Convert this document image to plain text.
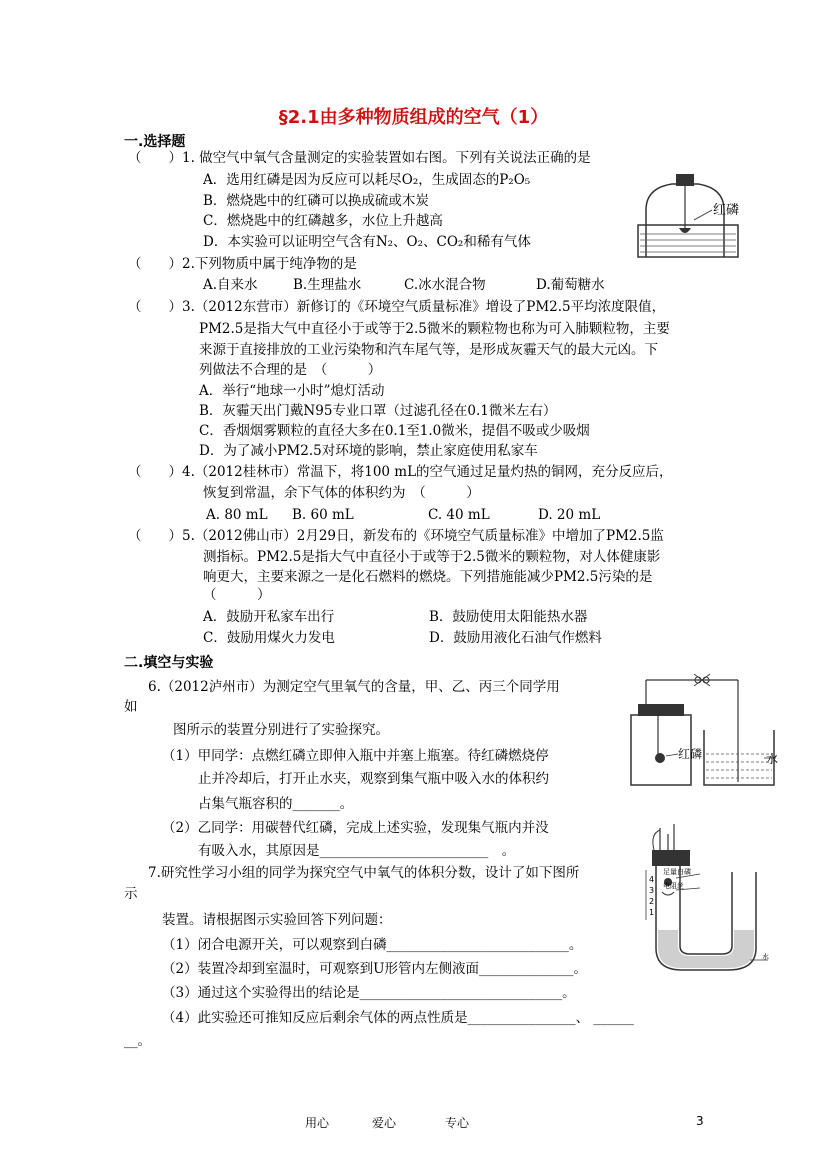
§2.1由多种物质组成的空气（1）
一.选择题
（　　）1. 做空气中氧气含量测定的实验装置如右图。下列有关说法正确的是
A．选用红磷是因为反应可以耗尽O₂，生成固态的P₂O₅
B．燃烧匙中的红磷可以换成硫或木炭
C．燃烧匙中的红磷越多，水位上升越高
D．本实验可以证明空气含有N₂、O₂、CO₂和稀有气体
红磷
（　　）2.下列物质中属于纯净物的是
A.自来水	B.生理盐水	C.冰水混合物	D.葡萄糖水
（　　）3.（2012东营市）新修订的《环境空气质量标准》增设了PM2.5平均浓度限值，
PM2.5是指大气中直径小于或等于2.5微米的颗粒物也称为可入肺颗粒物，主要
来源于直接排放的工业污染物和汽车尾气等，是形成灰霾天气的最大元凶。下
列做法不合理的是　（　　　）
A．举行“地球一小时”熄灯活动
B．灰霾天出门戴N95专业口罩（过滤孔径在0.1微米左右）
C．香烟烟雾颗粒的直径大多在0.1至1.0微米，提倡不吸或少吸烟
D．为了减小PM2.5对环境的影响，禁止家庭使用私家车
（　　）4.（2012桂林市）常温下，将100 mL的空气通过足量灼热的铜网，充分反应后，
恢复到常温，余下气体的体积约为　（　　　）
A. 80 mL B. 60 mL	C. 40 mL	D. 20 mL
（　　）5.（2012佛山市）2月29日，新发布的《环境空气质量标准》中增加了PM2.5监
测指标。PM2.5是指大气中直径小于或等于2.5微米的颗粒物，对人体健康影
响更大，主要来源之一是化石燃料的燃烧。下列措施能减少PM2.5污染的是
（　　　）
A．鼓励开私家车出行	B．鼓励使用太阳能热水器
C．鼓励用煤火力发电	D．鼓励用液化石油气作燃料
二.填空与实验
6.（2012泸州市）为测定空气里氧气的含量，甲、乙、丙三个同学用
如
图所示的装置分别进行了实验探究。
（1）甲同学：点燃红磷立即伸入瓶中并塞上瓶塞。待红磷燃烧停
止并冷却后，打开止水夹，观察到集气瓶中吸入水的体积约
占集气瓶容积的_______。
（2）乙同学：用碳替代红磷，完成上述实验，发现集气瓶内并没
有吸入水，其原因是_________________________　。
红磷	水
7.研究性学习小组的同学为探究空气中氧气的体积分数，设计了如下图所
示
装置。请根据图示实验回答下列问题：
（1）闭合电源开关，可以观察到白磷___________________________。
（2）装置冷却到室温时，可观察到U形管内左侧液面______________。
（3）通过这个实验得出的结论是______________________________。
（4）此实验还可推知反应后剩余气体的两点性质是________________、 ______
__。
足量白磷
电阻丝
水
4
3
2
1
用心	爱心	专心	3
